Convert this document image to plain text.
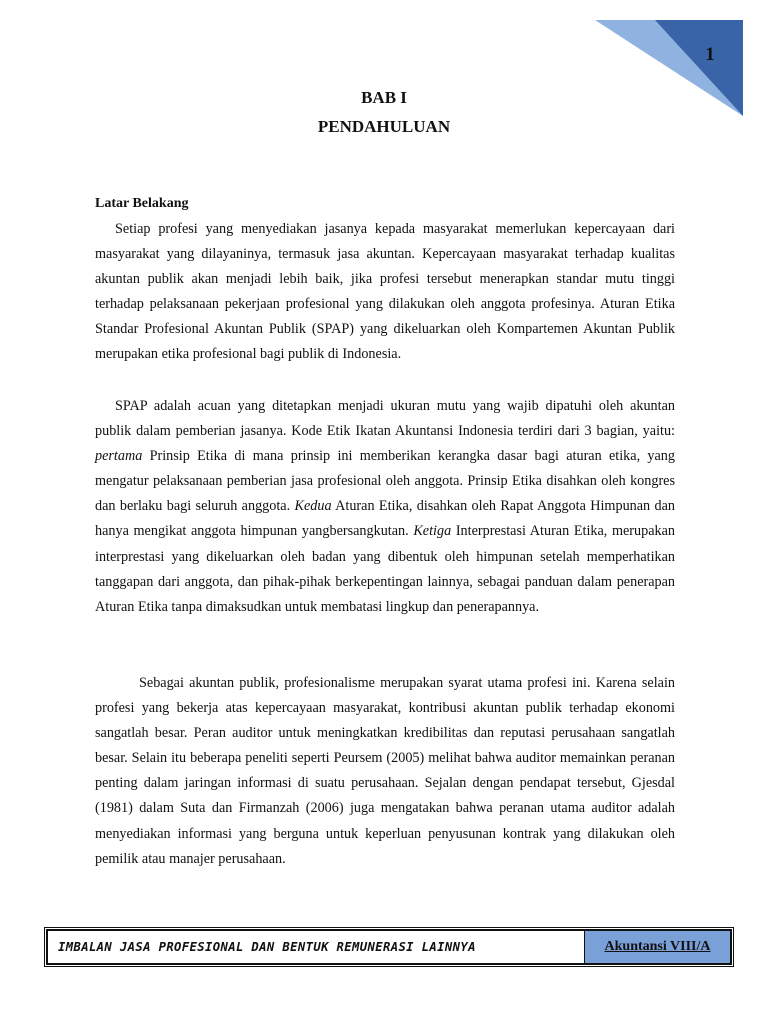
1
BAB I
PENDAHULUAN
Latar Belakang

Setiap profesi yang menyediakan jasanya kepada masyarakat memerlukan kepercayaan dari masyarakat yang dilayaninya, termasuk jasa akuntan. Kepercayaan masyarakat terhadap kualitas akuntan publik akan menjadi lebih baik, jika profesi tersebut menerapkan standar mutu tinggi terhadap pelaksanaan pekerjaan profesional yang dilakukan oleh anggota profesinya. Aturan Etika Standar Profesional Akuntan Publik (SPAP) yang dikeluarkan oleh Kompartemen Akuntan Publik merupakan etika profesional bagi publik di Indonesia.

SPAP adalah acuan yang ditetapkan menjadi ukuran mutu yang wajib dipatuhi oleh akuntan publik dalam pemberian jasanya. Kode Etik Ikatan Akuntansi Indonesia terdiri dari 3 bagian, yaitu: pertama Prinsip Etika di mana prinsip ini memberikan kerangka dasar bagi aturan etika, yang mengatur pelaksanaan pemberian jasa profesional oleh anggota. Prinsip Etika disahkan oleh kongres dan berlaku bagi seluruh anggota. Kedua Aturan Etika, disahkan oleh Rapat Anggota Himpunan dan hanya mengikat anggota himpunan yangbersangkutan. Ketiga Interprestasi Aturan Etika, merupakan interprestasi yang dikeluarkan oleh badan yang dibentuk oleh himpunan setelah memperhatikan tanggapan dari anggota, dan pihak-pihak berkepentingan lainnya, sebagai panduan dalam penerapan Aturan Etika tanpa dimaksudkan untuk membatasi lingkup dan penerapannya.

Sebagai akuntan publik, profesionalisme merupakan syarat utama profesi ini. Karena selain profesi yang bekerja atas kepercayaan masyarakat, kontribusi akuntan publik terhadap ekonomi sangatlah besar. Peran auditor untuk meningkatkan kredibilitas dan reputasi perusahaan sangatlah besar. Selain itu beberapa peneliti seperti Peursem (2005) melihat bahwa auditor memainkan peranan penting dalam jaringan informasi di suatu perusahaan. Sejalan dengan pendapat tersebut, Gjesdal (1981) dalam Suta dan Firmanzah (2006) juga mengatakan bahwa peranan utama auditor adalah menyediakan informasi yang berguna untuk keperluan penyusunan kontrak yang dilakukan oleh pemilik atau manajer perusahaan.

IMBALAN JASA PROFESIONAL DAN BENTUK REMUNERASI LAINNYA	Akuntansi VIII/A
